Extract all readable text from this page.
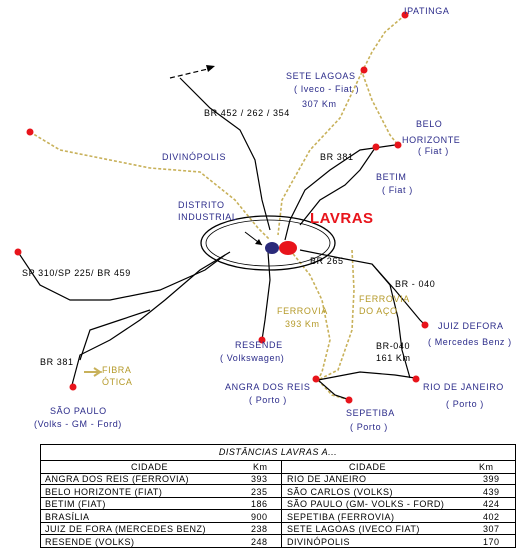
LAVRAS
DISTRITO
INDUSTRIAL
IPATINGA
SETE LAGOAS
( Iveco - Fiat )
307 Km
BELO
HORIZONTE
( Fiat )
BETIM
( Fiat )
DIVINÓPOLIS
JUIZ DEFORA
( Mercedes Benz )
RESENDE
( Volkswagen)
ANGRA DOS REIS
( Porto )
RIO DE JANEIRO
( Porto )
SEPETIBA
( Porto )
SÃO PAULO
(Volks - GM - Ford)
BR 452 / 262 / 354
BR 381
BR 265
BR - 040
BR-040
161 Km
SP 310/SP 225/ BR 459
BR 381
FERROVIA
393 Km
FERROVIA
DO AÇO
FIBRA
ÓTICA
DISTÂNCIAS LAVRAS A...
CIDADE	Km	CIDADE	Km
ANGRA DOS REIS (FERROVIA)	393 RIO DE JANEIRO	399
BELO HORIZONTE (FIAT)	235 SÃO CARLOS (VOLKS)	439
BETIM (FIAT)	186 SÃO PAULO (GM- VOLKS - FORD)	424
BRASÍLIA	900 SEPETIBA (FERROVIA)	402
JUIZ DE FORA (MERCEDES BENZ)	238 SETE LAGOAS (IVECO FIAT)	307
RESENDE (VOLKS)	248 DIVINÓPOLIS	170
